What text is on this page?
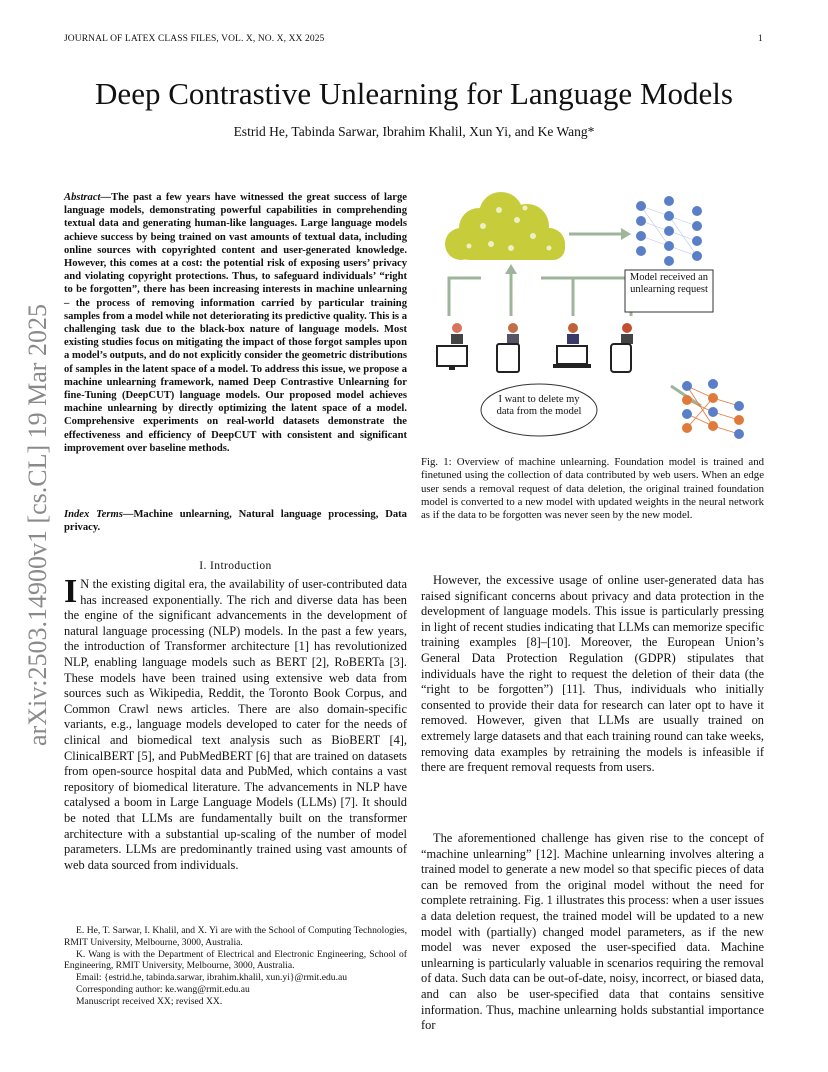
JOURNAL OF LATEX CLASS FILES, VOL. X, NO. X, XX 2025	1
Deep Contrastive Unlearning for Language Models
Estrid He, Tabinda Sarwar, Ibrahim Khalil, Xun Yi, and Ke Wang*
arXiv:2503.14900v1 [cs.CL] 19 Mar 2025
Abstract—The past a few years have witnessed the great success of large language models, demonstrating powerful capabilities in comprehending textual data and generating human-like languages. Large language models achieve success by being trained on vast amounts of textual data, including online sources with copyrighted content and user-generated knowledge. However, this comes at a cost: the potential risk of exposing users’ privacy and violating copyright protections. Thus, to safeguard individuals’ “right to be forgotten”, there has been increasing interests in machine unlearning – the process of removing information carried by particular training samples from a model while not deteriorating its predictive quality. This is a challenging task due to the black-box nature of language models. Most existing studies focus on mitigating the impact of those forgot samples upon a model’s outputs, and do not explicitly consider the geometric distributions of samples in the latent space of a model. To address this issue, we propose a machine unlearning framework, named Deep Contrastive Unlearning for fine-Tuning (DeepCUT) language models. Our proposed model achieves machine unlearning by directly optimizing the latent space of a model. Comprehensive experiments on real-world datasets demonstrate the effectiveness and efficiency of DeepCUT with consistent and significant improvement over baseline methods.
Index Terms—Machine unlearning, Natural language processing, Data privacy.
I. Introduction

I N the existing digital era, the availability of user-contributed data has increased exponentially. The rich and diverse data has been the engine of the significant advancements in the development of natural language processing (NLP) models. In the past a few years, the introduction of Transformer architecture [1] has revolutionized NLP, enabling language models such as BERT [2], RoBERTa [3]. These models have been trained using extensive web data from sources such as Wikipedia, Reddit, the Toronto Book Corpus, and Common Crawl news articles. There are also domain-specific variants, e.g., language models developed to cater for the needs of clinical and biomedical text analysis such as BioBERT [4], ClinicalBERT [5], and PubMedBERT [6] that are trained on datasets from open-source hospital data and PubMed, which contains a vast repository of biomedical literature. The advancements in NLP have catalysed a boom in Large Language Models (LLMs) [7]. It should be noted that LLMs are fundamentally built on the transformer architecture with a substantial up-scaling of the number of model parameters. LLMs are predominantly trained using vast amounts of web data sourced from individuals.

E. He, T. Sarwar, I. Khalil, and X. Yi are with the School of Computing Technologies, RMIT University, Melbourne, 3000, Australia.

K. Wang is with the Department of Electrical and Electronic Engineering, School of Engineering, RMIT University, Melbourne, 3000, Australia.

Email: {estrid.he, tabinda.sarwar, ibrahim.khalil, xun.yi}@rmit.edu.au

Corresponding author: ke.wang@rmit.edu.au

Manuscript received XX; revised XX.

Model received an unlearning request
I want to delete my data from the model
Fig. 1: Overview of machine unlearning. Foundation model is trained and finetuned using the collection of data contributed by web users. When an edge user sends a removal request of data deletion, the original trained foundation model is converted to a new model with updated weights in the neural network as if the data to be forgotten was never seen by the new model.

However, the excessive usage of online user-generated data has raised significant concerns about privacy and data protection in the development of language models. This issue is particularly pressing in light of recent studies indicating that LLMs can memorize specific training examples [8]–[10]. Moreover, the European Union’s General Data Protection Regulation (GDPR) stipulates that individuals have the right to request the deletion of their data (the “right to be forgotten”) [11]. Thus, individuals who initially consented to provide their data for research can later opt to have it removed. However, given that LLMs are usually trained on extremely large datasets and that each training round can take weeks, removing data examples by retraining the models is infeasible if there are frequent removal requests from users.

The aforementioned challenge has given rise to the concept of “machine unlearning” [12]. Machine unlearning involves altering a trained model to generate a new model so that specific pieces of data can be removed from the original model without the need for complete retraining. Fig. 1 illustrates this process: when a user issues a data deletion request, the trained model will be updated to a new model with (partially) changed model parameters, as if the new model was never exposed the user-specified data. Machine unlearning is particularly valuable in scenarios requiring the removal of data. Such data can be out-of-date, noisy, incorrect, or biased data, and can also be user-specified data that contains sensitive information. Thus, machine unlearning holds substantial importance for
